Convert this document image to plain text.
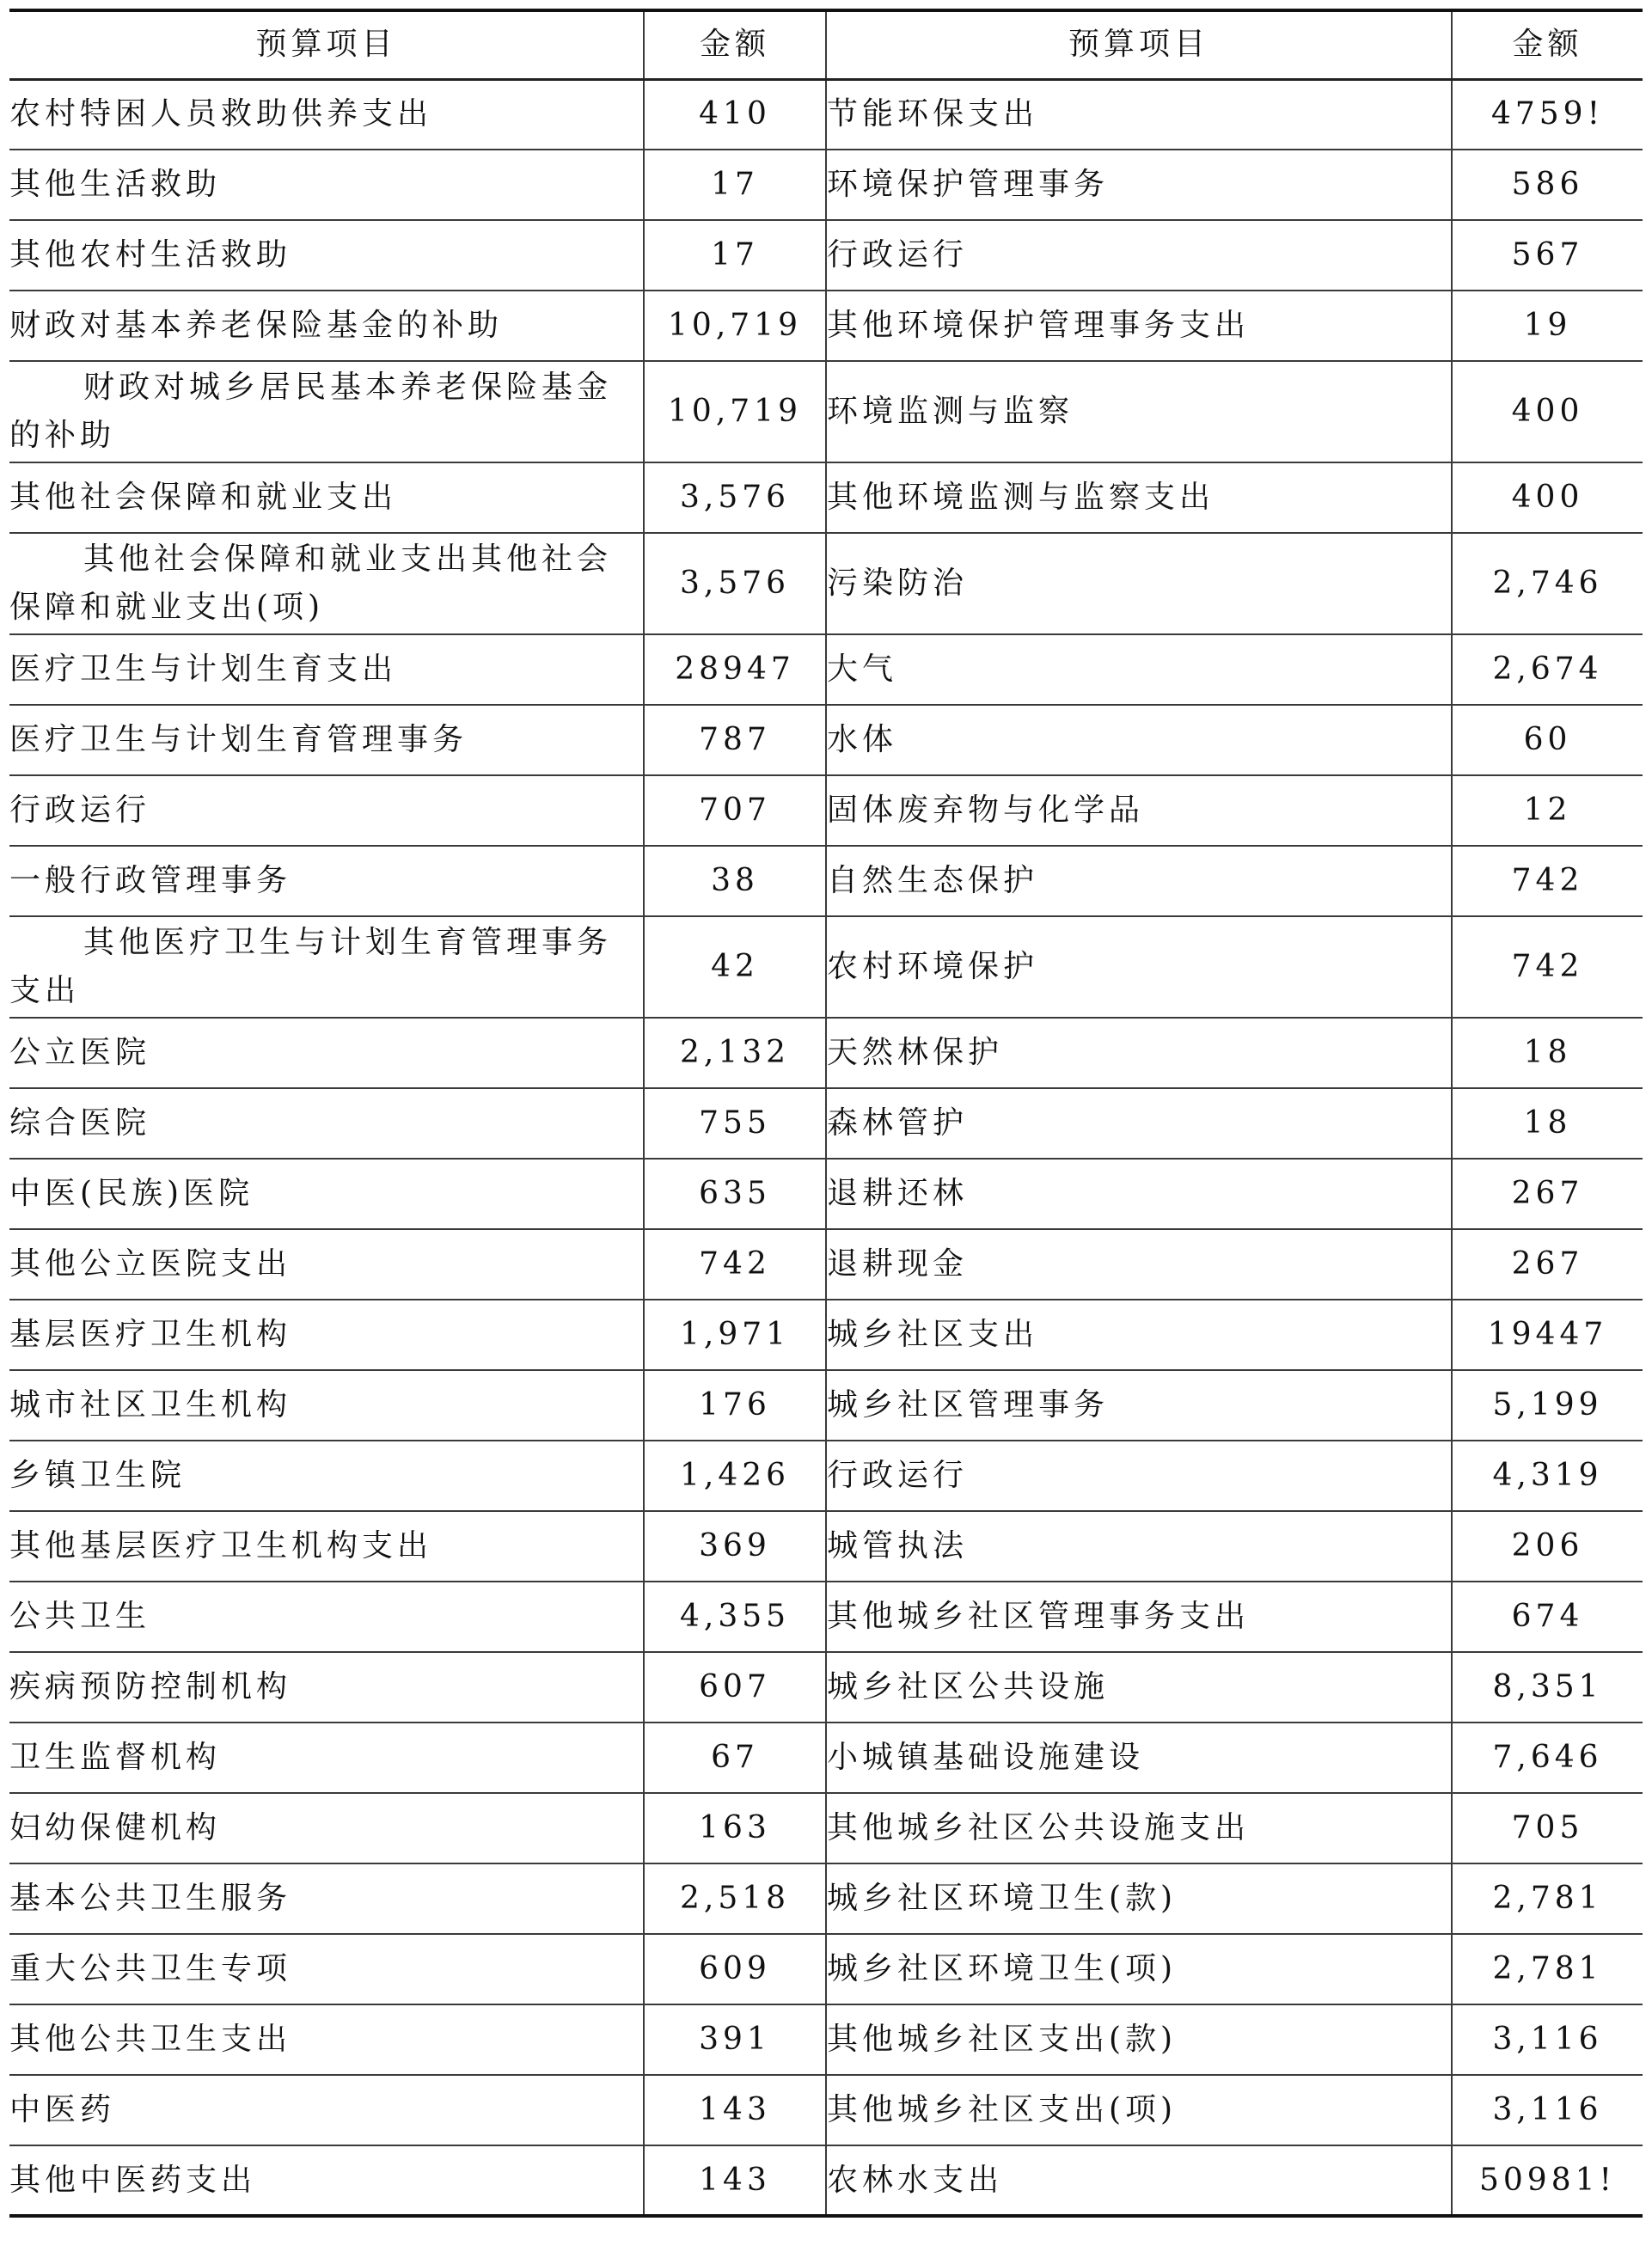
预算项目	金额	预算项目	金额
农村特困人员救助供养支出	410	节能环保支出	4759!
其他生活救助	17	环境保护管理事务	586
其他农村生活救助	17	行政运行	567
财政对基本养老保险基金的补助	10,719	其他环境保护管理事务支出	19
财政对城乡居民基本养老保险基金的补助	10,719	环境监测与监察	400
其他社会保障和就业支出	3,576	其他环境监测与监察支出	400
其他社会保障和就业支出其他社会保障和就业支出(项)	3,576	污染防治	2,746
医疗卫生与计划生育支出	28947	大气	2,674
医疗卫生与计划生育管理事务	787	水体	60
行政运行	707	固体废弃物与化学品	12
一般行政管理事务	38	自然生态保护	742
其他医疗卫生与计划生育管理事务支出	42	农村环境保护	742
公立医院	2,132	天然林保护	18
综合医院	755	森林管护	18
中医(民族)医院	635	退耕还林	267
其他公立医院支出	742	退耕现金	267
基层医疗卫生机构	1,971	城乡社区支出	19447
城市社区卫生机构	176	城乡社区管理事务	5,199
乡镇卫生院	1,426	行政运行	4,319
其他基层医疗卫生机构支出	369	城管执法	206
公共卫生	4,355	其他城乡社区管理事务支出	674
疾病预防控制机构	607	城乡社区公共设施	8,351
卫生监督机构	67	小城镇基础设施建设	7,646
妇幼保健机构	163	其他城乡社区公共设施支出	705
基本公共卫生服务	2,518	城乡社区环境卫生(款)	2,781
重大公共卫生专项	609	城乡社区环境卫生(项)	2,781
其他公共卫生支出	391	其他城乡社区支出(款)	3,116
中医药	143	其他城乡社区支出(项)	3,116
其他中医药支出	143	农林水支出	50981!
